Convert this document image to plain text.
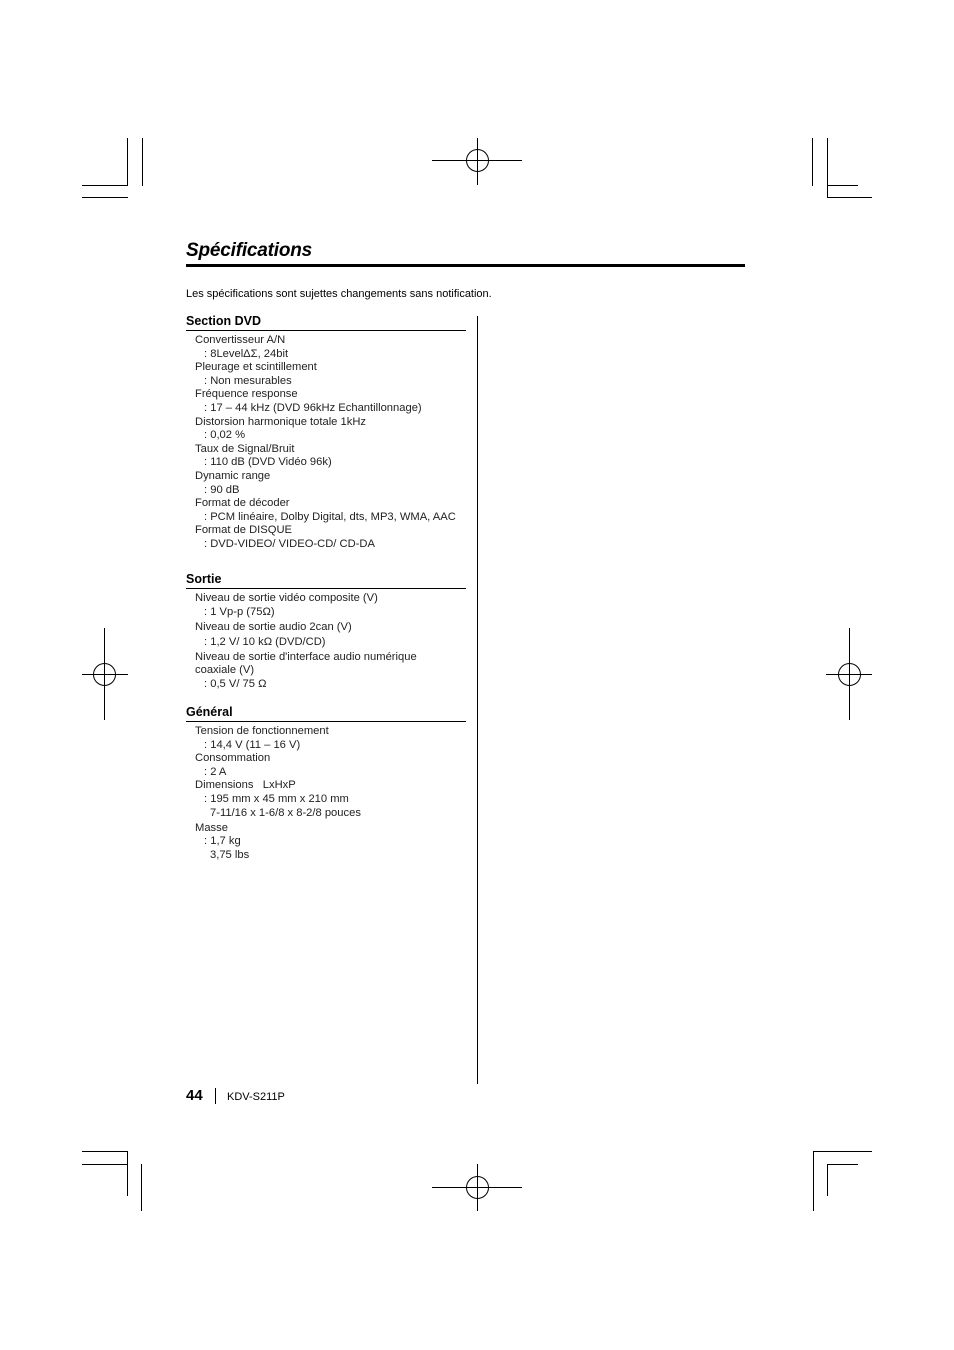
Spécifications
Les spécifications sont sujettes changements sans notification.
Section DVD
Convertisseur A/N
: 8LevelΔΣ, 24bit
Pleurage et scintillement
: Non mesurables
Fréquence response
: 17 – 44 kHz (DVD 96kHz Echantillonnage)
Distorsion harmonique totale 1kHz
: 0,02 %
Taux de Signal/Bruit
: 110 dB (DVD Vidéo 96k)
Dynamic range
: 90 dB
Format de décoder
: PCM linéaire, Dolby Digital, dts, MP3, WMA, AAC
Format de DISQUE
: DVD-VIDEO/ VIDEO-CD/ CD-DA
Sortie
Niveau de sortie vidéo composite (V)
: 1 Vp-p (75Ω)
Niveau de sortie audio 2can (V)
: 1,2 V/ 10 kΩ (DVD/CD)
Niveau de sortie d'interface audio numérique
coaxiale (V)
: 0,5 V/ 75 Ω
Général
Tension de fonctionnement
: 14,4 V (11 – 16 V)
Consommation
: 2 A
Dimensions   LxHxP
: 195 mm x 45 mm x 210 mm
7-11/16 x 1-6/8 x 8-2/8 pouces
Masse
: 1,7 kg
3,75 lbs
44 KDV-S211P
